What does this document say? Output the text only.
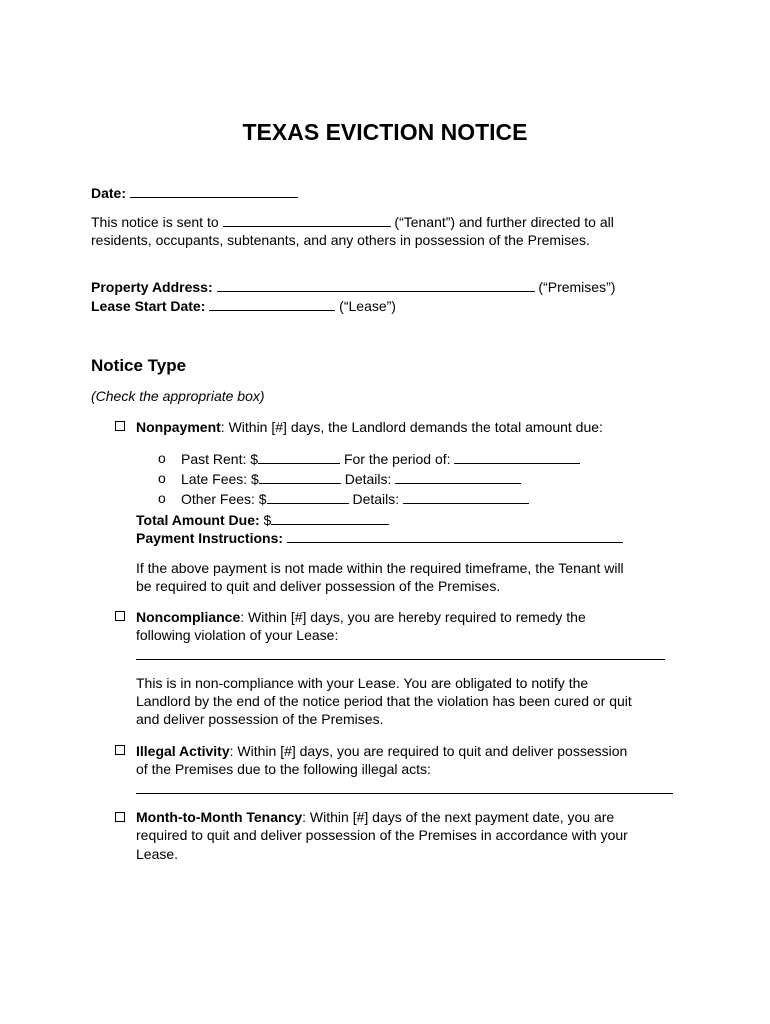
TEXAS EVICTION NOTICE
Date:
This notice is sent to	(“Tenant”) and further directed to all
residents, occupants, subtenants, and any others in possession of the Premises.
Property Address:	(“Premises”)
Lease Start Date:	(“Lease”)
Notice Type
(Check the appropriate box)
Nonpayment: Within [#] days, the Landlord demands the total amount due:
o Past Rent: $	For the period of:
o Late Fees: $	Details:
o Other Fees: $	Details:
Total Amount Due: $
Payment Instructions:
If the above payment is not made within the required timeframe, the Tenant will
be required to quit and deliver possession of the Premises.
Noncompliance: Within [#] days, you are hereby required to remedy the
following violation of your Lease:
This is in non-compliance with your Lease. You are obligated to notify the
Landlord by the end of the notice period that the violation has been cured or quit
and deliver possession of the Premises.
Illegal Activity: Within [#] days, you are required to quit and deliver possession
of the Premises due to the following illegal acts:
Month-to-Month Tenancy: Within [#] days of the next payment date, you are
required to quit and deliver possession of the Premises in accordance with your
Lease.
